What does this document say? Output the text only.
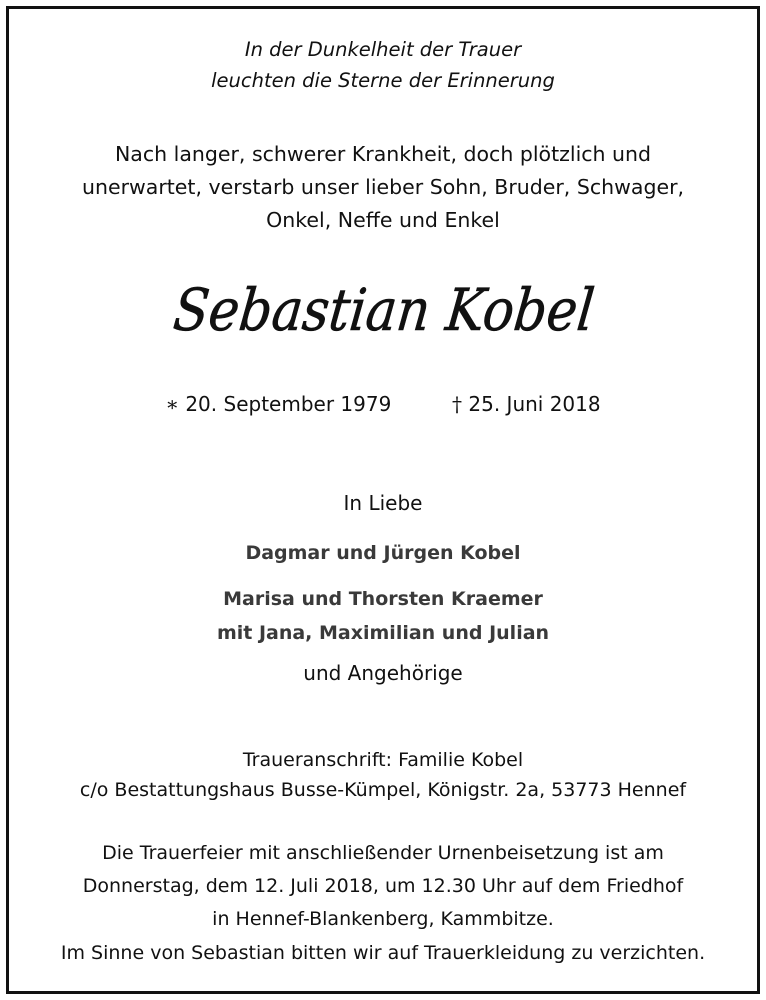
In der Dunkelheit der Trauer
leuchten die Sterne der Erinnerung
Nach langer, schwerer Krankheit, doch plötzlich und
unerwartet, verstarb unser lieber Sohn, Bruder, Schwager,
Onkel, Neffe und Enkel
Sebastian Kobel
∗ 20. September 1979	† 25. Juni 2018
In Liebe
Dagmar und Jürgen Kobel
Marisa und Thorsten Kraemer
mit Jana, Maximilian und Julian
und Angehörige
Traueranschrift: Familie Kobel
c/o Bestattungshaus Busse-Kümpel, Königstr. 2a, 53773 Hennef
Die Trauerfeier mit anschließender Urnenbeisetzung ist am
Donnerstag, dem 12. Juli 2018, um 12.30 Uhr auf dem Friedhof
in Hennef-Blankenberg, Kammbitze.
Im Sinne von Sebastian bitten wir auf Trauerkleidung zu verzichten.
